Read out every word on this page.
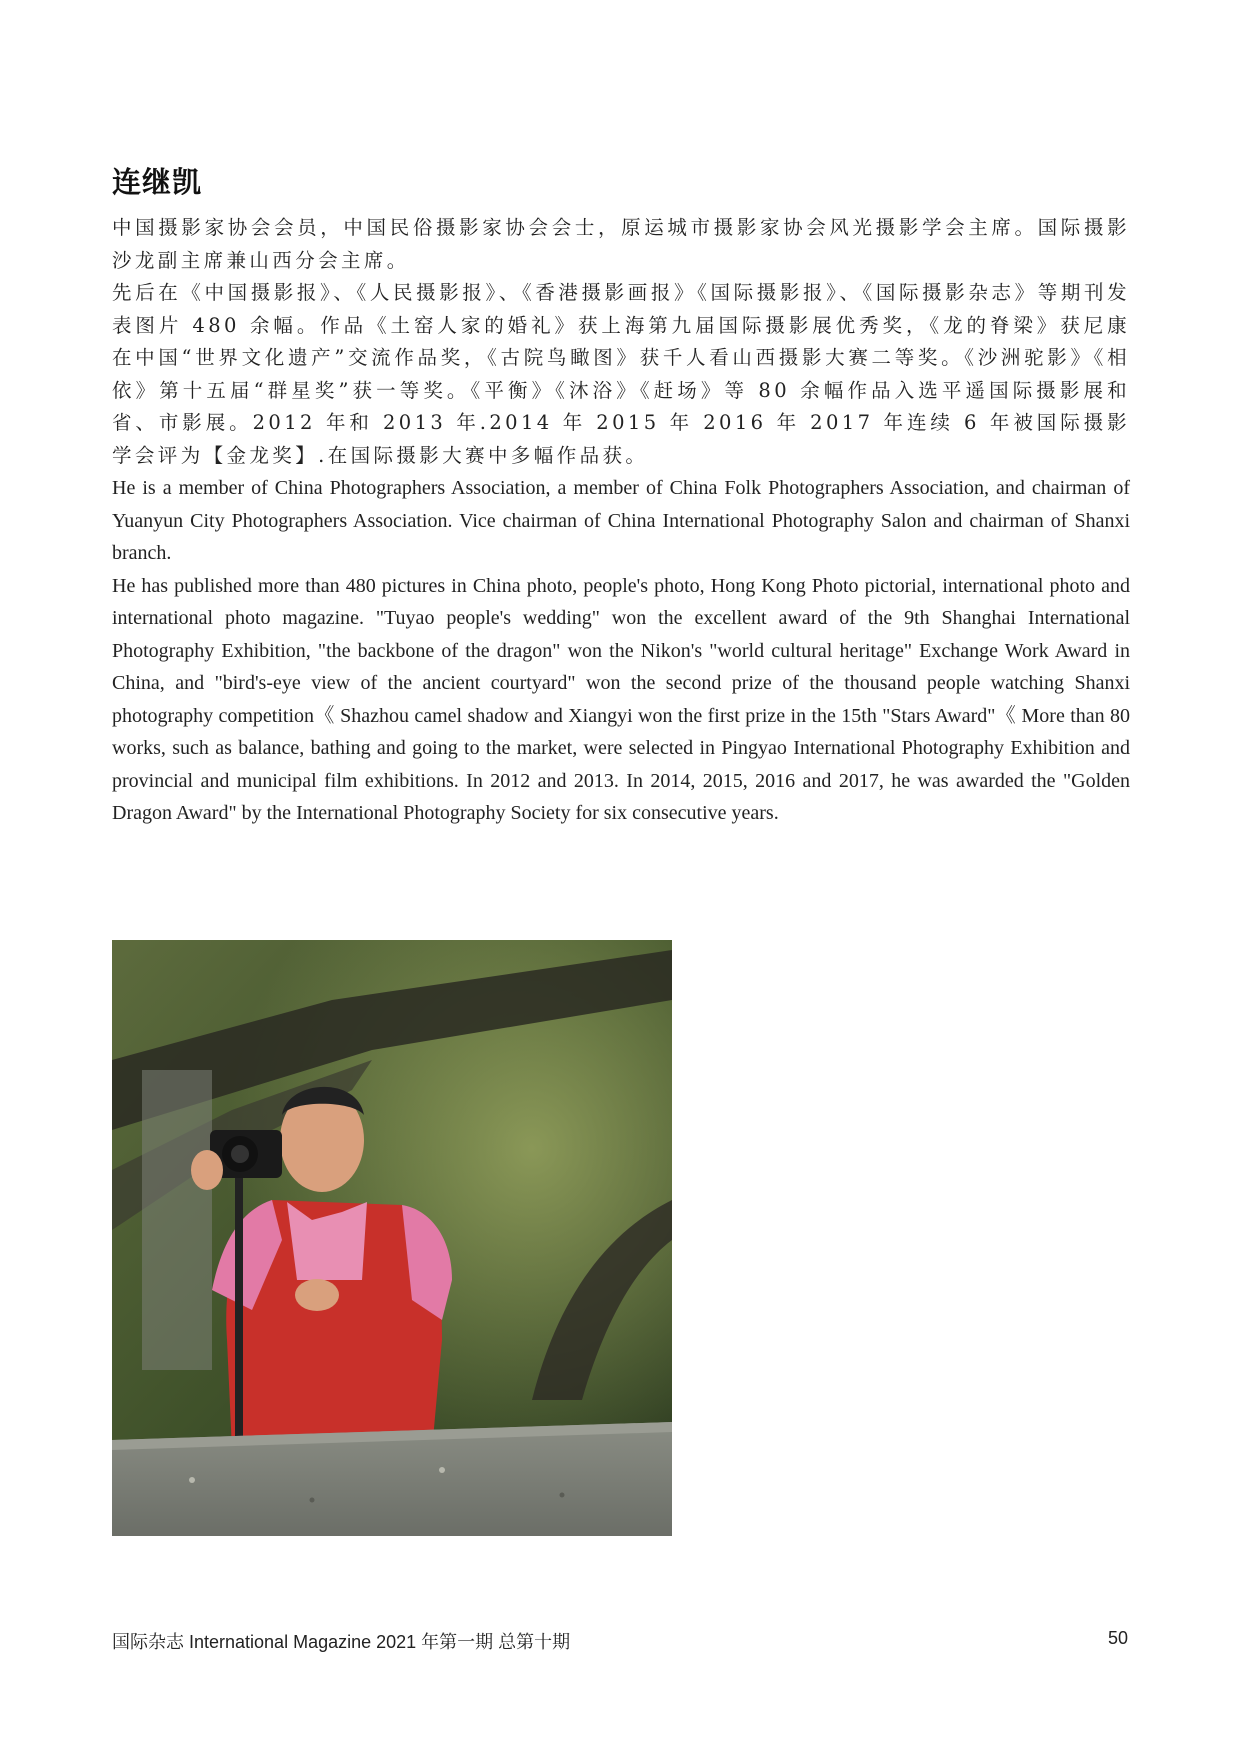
连继凯

中国摄影家协会会员，中国民俗摄影家协会会士，原运城市摄影家协会风光摄影学会主席。国际摄影沙龙副主席兼山西分会主席。

先后在《中国摄影报》、《人民摄影报》、《香港摄影画报》《国际摄影报》、《国际摄影杂志》等期刊发表图片 480 余幅。作品《土窑人家的婚礼》获上海第九届国际摄影展优秀奖，《龙的脊梁》获尼康在中国“世界文化遗产”交流作品奖，《古院鸟瞰图》获千人看山西摄影大赛二等奖。《沙洲驼影》《相依》第十五届“群星奖”获一等奖。《平衡》《沐浴》《赶场》等 80 余幅作品入选平遥国际摄影展和省、市影展。2012 年和 2013 年.2014 年 2015 年 2016 年 2017 年连续 6 年被国际摄影学会评为【金龙奖】.在国际摄影大赛中多幅作品获。

He is a member of China Photographers Association, a member of China Folk Photographers Association, and chairman of Yuanyun City Photographers Association. Vice chairman of China International Photography Salon and chairman of Shanxi branch.

He has published more than 480 pictures in China photo, people's photo, Hong Kong Photo pictorial, international photo and international photo magazine. "Tuyao people's wedding" won the excellent award of the 9th Shanghai International Photography Exhibition, "the backbone of the dragon" won the Nikon's "world cultural heritage" Exchange Work Award in China, and "bird's-eye view of the ancient courtyard" won the second prize of the thousand people watching Shanxi photography competition《 Shazhou camel shadow and Xiangyi won the first prize in the 15th "Stars Award"《 More than 80 works, such as balance, bathing and going to the market, were selected in Pingyao International Photography Exhibition and provincial and municipal film exhibitions. In 2012 and 2013. In 2014, 2015, 2016 and 2017, he was awarded the "Golden Dragon Award" by the International Photography Society for six consecutive years.

国际杂志 International Magazine 2021 年第一期 总第十期	50
